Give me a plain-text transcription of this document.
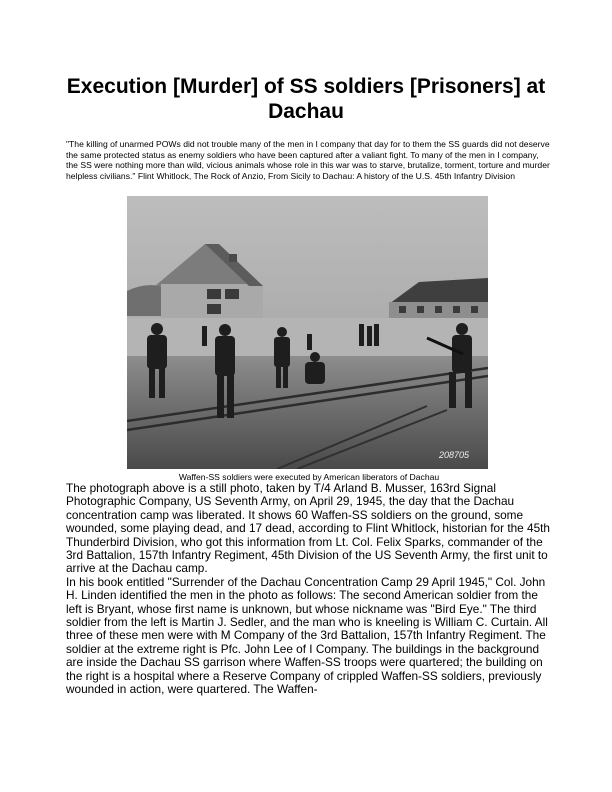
Execution [Murder] of SS soldiers [Prisoners] at Dachau

"The killing of unarmed POWs did not trouble many of the men in I company that day for to them the SS guards did not deserve the same protected status as enemy soldiers who have been captured after a valiant fight. To many of the men in I company, the SS were nothing more than wild, vicious animals whose role in this war was to starve, brutalize, torment, torture and murder helpless civilians." Flint Whitlock, The Rock of Anzio, From Sicily to Dachau: A history of the U.S. 45th Infantry Division

208705

Waffen-SS soldiers were executed by American liberators of Dachau

The photograph above is a still photo, taken by T/4 Arland B. Musser, 163rd Signal Photographic Company, US Seventh Army, on April 29, 1945, the day that the Dachau concentration camp was liberated. It shows 60 Waffen-SS soldiers on the ground, some wounded, some playing dead, and 17 dead, according to Flint Whitlock, historian for the 45th Thunderbird Division, who got this information from Lt. Col. Felix Sparks, commander of the 3rd Battalion, 157th Infantry Regiment, 45th Division of the US Seventh Army, the first unit to arrive at the Dachau camp.

In his book entitled "Surrender of the Dachau Concentration Camp 29 April 1945," Col. John H. Linden identified the men in the photo as follows: The second American soldier from the left is Bryant, whose first name is unknown, but whose nickname was "Bird Eye." The third soldier from the left is Martin J. Sedler, and the man who is kneeling is William C. Curtain. All three of these men were with M Company of the 3rd Battalion, 157th Infantry Regiment. The soldier at the extreme right is Pfc. John Lee of I Company. The buildings in the background are inside the Dachau SS garrison where Waffen-SS troops were quartered; the building on the right is a hospital where a Reserve Company of crippled Waffen-SS soldiers, previously wounded in action, were quartered. The Waffen-
